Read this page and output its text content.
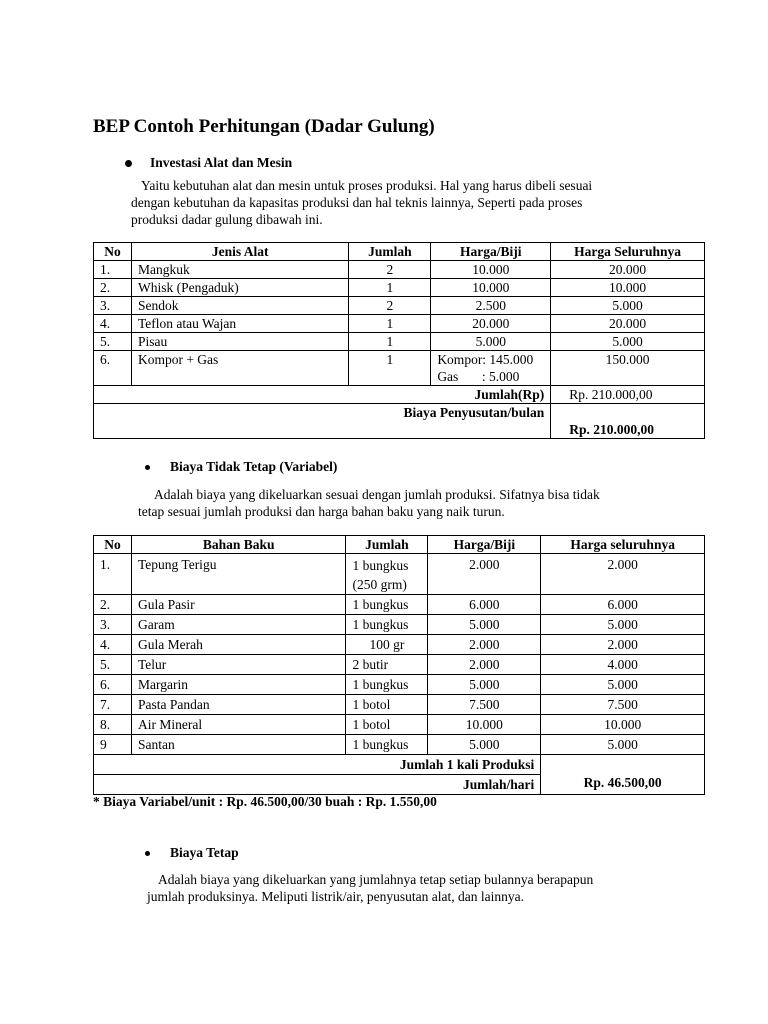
BEP Contoh Perhitungan (Dadar Gulung)
Investasi Alat dan Mesin
Yaitu kebutuhan alat dan mesin untuk proses produksi. Hal yang harus dibeli sesuai
dengan kebutuhan da kapasitas produksi dan hal teknis lainnya, Seperti pada proses
produksi dadar gulung dibawah ini.
No	Jenis Alat	Jumlah	Harga/Biji	Harga Seluruhnya
1.	Mangkuk	2	10.000	20.000
2.	Whisk (Pengaduk)	1	10.000	10.000
3.	Sendok	2	2.500	5.000
4.	Teflon atau Wajan	1	20.000	20.000
5.	Pisau	1	5.000	5.000
6.	Kompor + Gas	1	Kompor: 145.000
Gas       : 5.000	150.000
Jumlah(Rp)				Rp. 210.000,00
Biaya Penyusutan/bulan				Rp. 210.000,00
Biaya Tidak Tetap (Variabel)
Adalah biaya yang dikeluarkan sesuai dengan jumlah produksi. Sifatnya bisa tidak
tetap sesuai jumlah produksi dan harga bahan baku yang naik turun.
No	Bahan Baku	Jumlah	Harga/Biji	Harga seluruhnya
1.	Tepung Terigu	1 bungkus
(250 grm)	2.000	2.000
2.	Gula Pasir	1 bungkus	6.000	6.000
3.	Garam	1 bungkus	5.000	5.000
4.	Gula Merah	100 gr	2.000	2.000
5.	Telur	2 butir	2.000	4.000
6.	Margarin	1 bungkus	5.000	5.000
7.	Pasta Pandan	1 botol	7.500	7.500
8.	Air Mineral	1 botol	10.000	10.000
9	Santan	1 bungkus	5.000	5.000
Jumlah 1 kali Produksi				Rp. 46.500,00
Jumlah/hari				
* Biaya Variabel/unit : Rp. 46.500,00/30 buah : Rp. 1.550,00
Biaya Tetap
Adalah biaya yang dikeluarkan yang jumlahnya tetap setiap bulannya berapapun
jumlah produksinya. Meliputi listrik/air, penyusutan alat, dan lainnya.
